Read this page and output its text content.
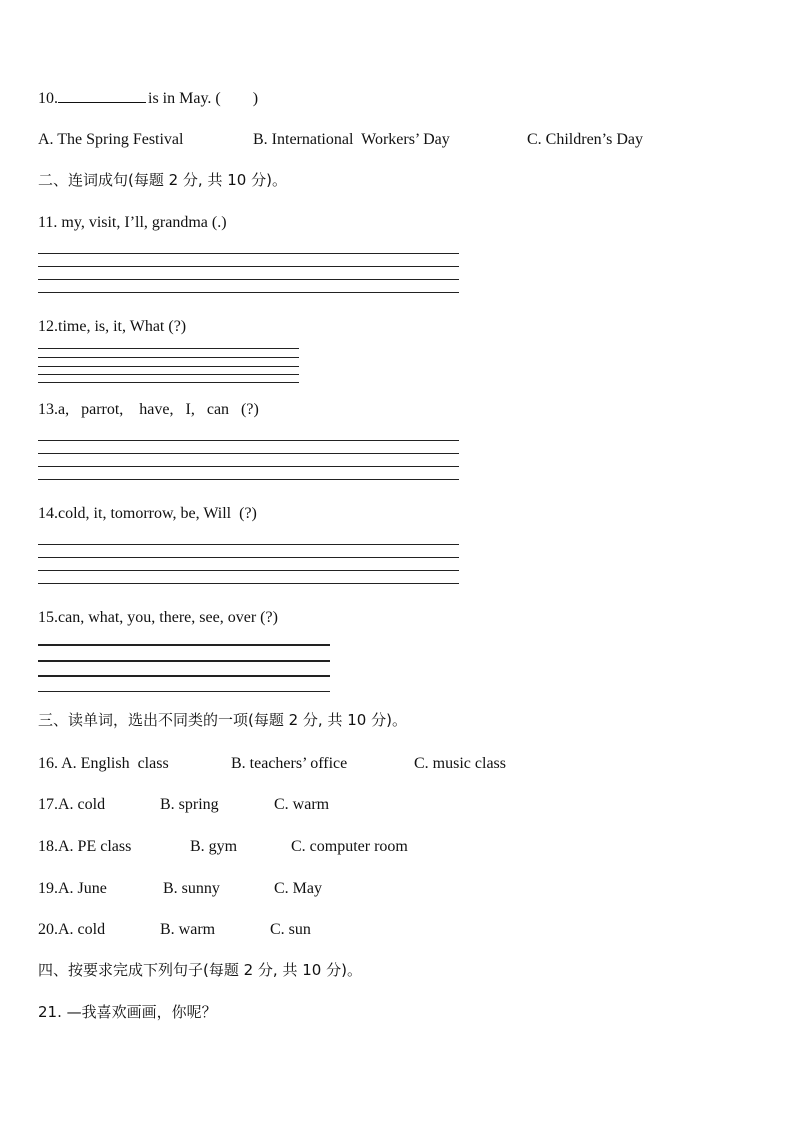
10.	is in May. (        )
A. The Spring Festival	B. International  Workers’ Day	C. Children’s Day
二、连词成句(每题 2 分, 共 10 分)。
11. my, visit, I’ll, grandma (.)
12.time, is, it, What (?)
13.a,   parrot,    have,   I,   can   (?)
14.cold, it, tomorrow, be, Will  (?)
15.can, what, you, there, see, over (?)
三、读单词，选出不同类的一项(每题 2 分, 共 10 分)。
16. A. English  class	B. teachers’ office	C. music class
17.A. cold	B. spring	C. warm
18.A. PE class	B. gym	C. computer room
19.A. June	B. sunny	C. May
20.A. cold	B. warm	C. sun
四、按要求完成下列句子(每题 2 分, 共 10 分)。
21. —我喜欢画画，你呢？
